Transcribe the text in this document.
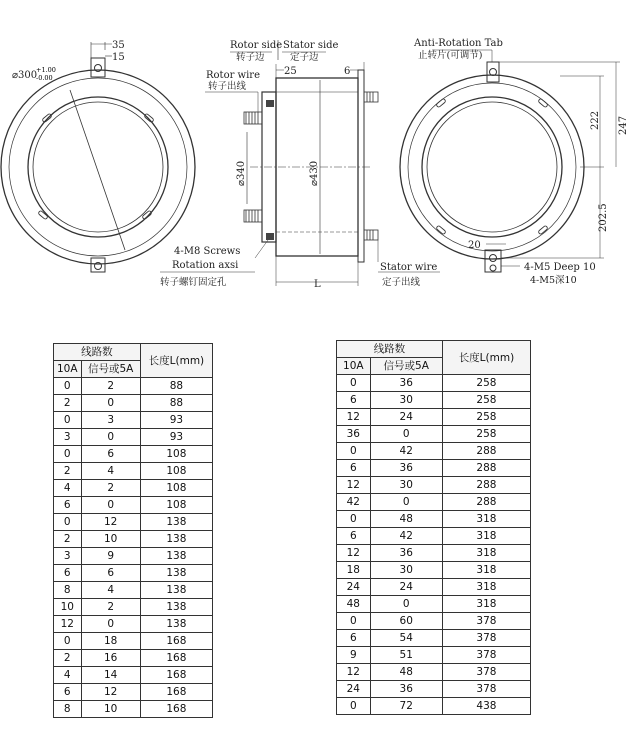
⌀300
+1.00
-0.00
35
15
Rotor side
转子边
Stator side
定子边
Rotor wire
转子出线
25	6
⌀340	⌀430
4-M8 Screws
Rotation axsi
转子螺钉固定孔	L
Stator wire
定子出线
Anti-Rotation Tab
止转片(可调节)
222 247
202.5
20
4-M5 Deep 10
4-M5深10
线路数		长度L(mm)
10A	信号或5A	
0	2	88
2	0	88
0	3	93
3	0	93
0	6	108
2	4	108
4	2	108
6	0	108
0	12	138
2	10	138
3	9	138
6	6	138
8	4	138
10	2	138
12	0	138
0	18	168
2	16	168
4	14	168
6	12	168
8	10	168
线路数		长度L(mm)
10A	信号或5A	
0	36	258
6	30	258
12	24	258
36	0	258
0	42	288
6	36	288
12	30	288
42	0	288
0	48	318
6	42	318
12	36	318
18	30	318
24	24	318
48	0	318
0	60	378
6	54	378
9	51	378
12	48	378
24	36	378
0	72	438
